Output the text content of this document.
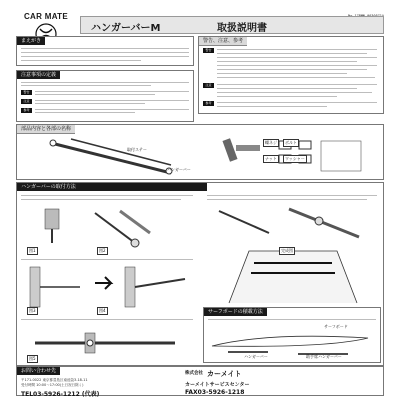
CAR MATE
ハンガーバーM	取扱説明書
まえがき
注意事項の定義
警告
注意
参考
警告、注意、参考
警告
注意
参考
部品内容と各部の名称
取付ステー
ハンガーバー
蝶ネジ	ボルト
ナット	ワッシャー
ハンガーバーの取付方法
図1	図2
図3	図4
図5
完成図
サーフボードの積載方法
サーフボード
ハンガーバー	助手席ハンガーバー
お問い合わせ先
〒171-0022 東京都豊島区南池袋3-18-11
受付時間 10:00～17:00(土日祝日除く)
TEL03-5926-1212 (代表)
株式会社 カーメイト
カーメイトサービスセンター
FAX03-5926-1218
